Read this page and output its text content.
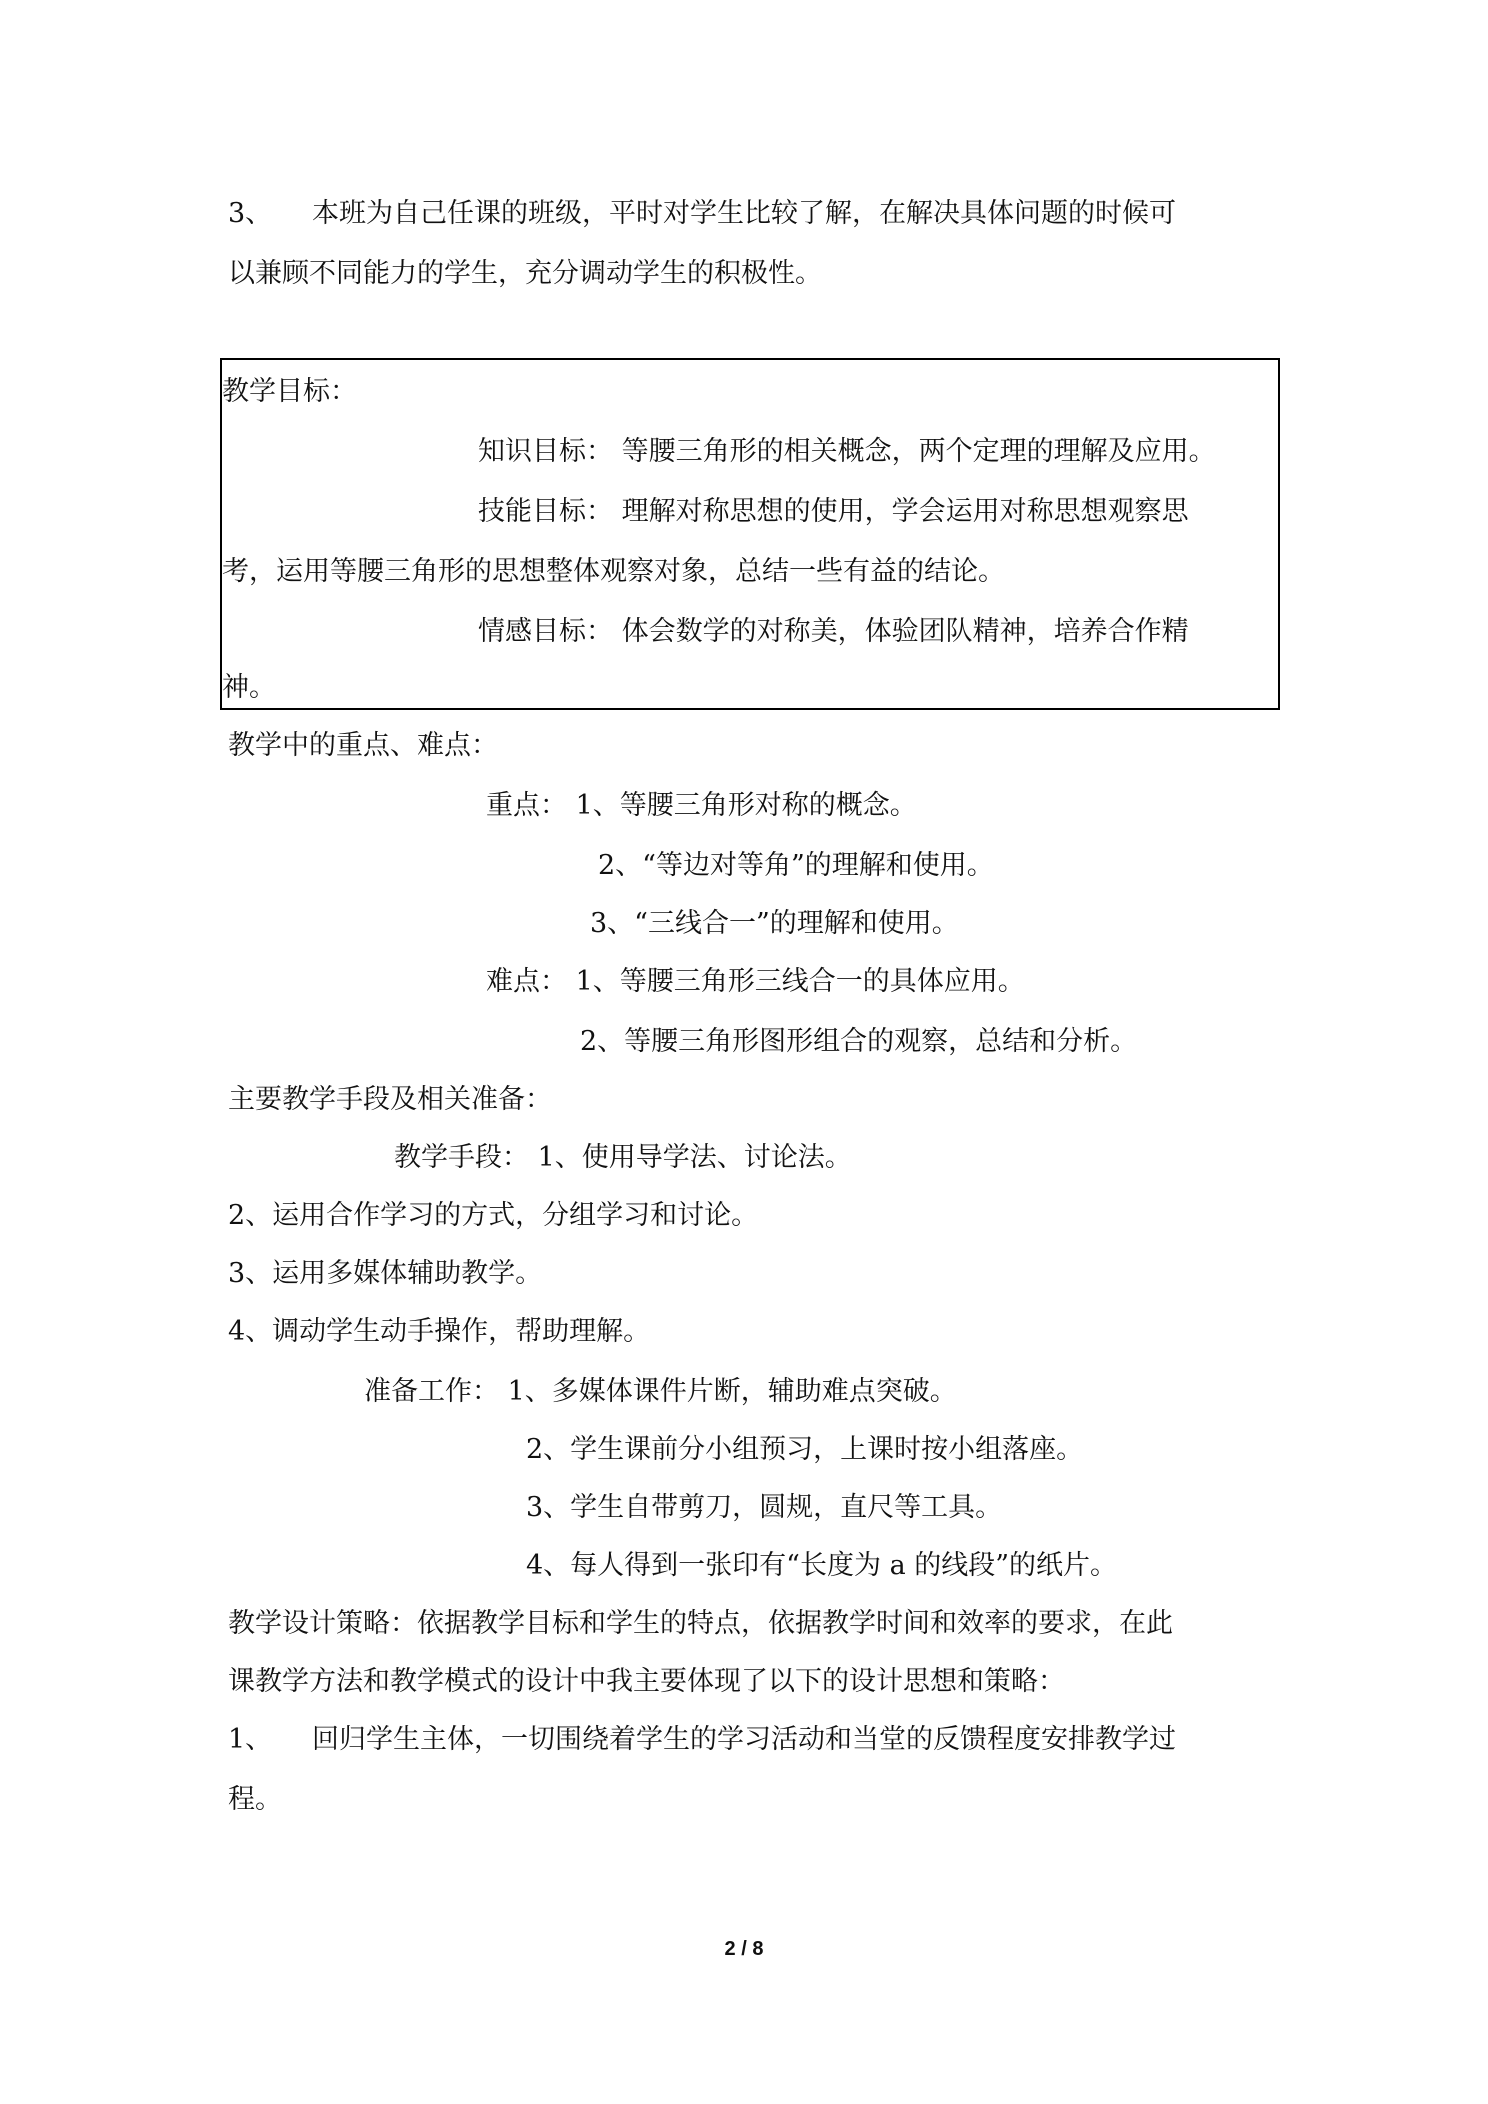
3、 本班为自己任课的班级，平时对学生比较了解，在解决具体问题的时候可
以兼顾不同能力的学生，充分调动学生的积极性。
教学目标：
知识目标： 等腰三角形的相关概念，两个定理的理解及应用。
技能目标： 理解对称思想的使用，学会运用对称思想观察思
考，运用等腰三角形的思想整体观察对象，总结一些有益的结论。
情感目标： 体会数学的对称美，体验团队精神，培养合作精
神。
教学中的重点、难点：
重点： 1、等腰三角形对称的概念。
2、“等边对等角”的理解和使用。
3、“三线合一”的理解和使用。
难点： 1、等腰三角形三线合一的具体应用。
2、等腰三角形图形组合的观察，总结和分析。
主要教学手段及相关准备：
教学手段： 1、使用导学法、讨论法。
2、运用合作学习的方式，分组学习和讨论。
3、运用多媒体辅助教学。
4、调动学生动手操作，帮助理解。
准备工作： 1、多媒体课件片断，辅助难点突破。
2、学生课前分小组预习，上课时按小组落座。
3、学生自带剪刀，圆规，直尺等工具。
4、每人得到一张印有“长度为 a 的线段”的纸片。
教学设计策略：依据教学目标和学生的特点，依据教学时间和效率的要求，在此
课教学方法和教学模式的设计中我主要体现了以下的设计思想和策略：
1、 回归学生主体，一切围绕着学生的学习活动和当堂的反馈程度安排教学过
程。
2 / 8
